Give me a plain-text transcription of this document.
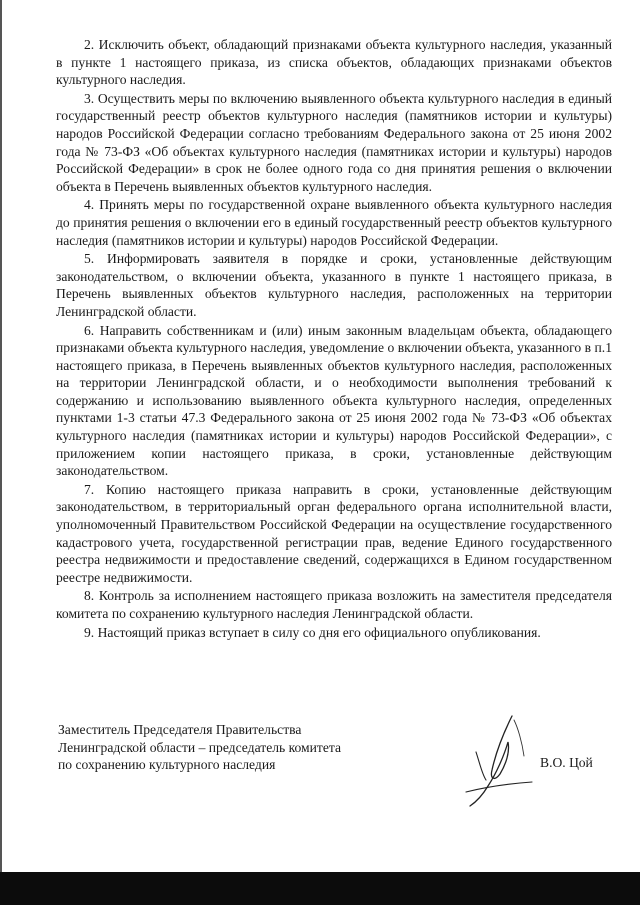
2. Исключить объект, обладающий признаками объекта культурного наследия, указанный в пункте 1 настоящего приказа, из списка объектов, обладающих признаками объектов культурного наследия.

3. Осуществить меры по включению выявленного объекта культурного наследия в единый государственный реестр объектов культурного наследия (памятников истории и культуры) народов Российской Федерации согласно требованиям Федерального закона от 25 июня 2002 года № 73-ФЗ «Об объектах культурного наследия (памятниках истории и культуры) народов Российской Федерации» в срок не более одного года со дня принятия решения о включении объекта в Перечень выявленных объектов культурного наследия.

4. Принять меры по государственной охране выявленного объекта культурного наследия до принятия решения о включении его в единый государственный реестр объектов культурного наследия (памятников истории и культуры) народов Российской Федерации.

5. Информировать заявителя в порядке и сроки, установленные действующим законодательством, о включении объекта, указанного в пункте 1 настоящего приказа, в Перечень выявленных объектов культурного наследия, расположенных на территории Ленинградской области.

6. Направить собственникам и (или) иным законным владельцам объекта, обладающего признаками объекта культурного наследия, уведомление о включении объекта, указанного в п.1 настоящего приказа, в Перечень выявленных объектов культурного наследия, расположенных на территории Ленинградской области, и о необходимости выполнения требований к содержанию и использованию выявленного объекта культурного наследия, определенных пунктами 1-3 статьи 47.3 Федерального закона от 25 июня 2002 года № 73-ФЗ «Об объектах культурного наследия (памятниках истории и культуры) народов Российской Федерации», с приложением копии настоящего приказа, в сроки, установленные действующим законодательством.

7. Копию настоящего приказа направить в сроки, установленные действующим законодательством, в территориальный орган федерального органа исполнительной власти, уполномоченный Правительством Российской Федерации на осуществление государственного кадастрового учета, государственной регистрации прав, ведение Единого государственного реестра недвижимости и предоставление сведений, содержащихся в Едином государственном реестре недвижимости.

8. Контроль за исполнением настоящего приказа возложить на заместителя председателя комитета по сохранению культурного наследия Ленинградской области.

9. Настоящий приказ вступает в силу со дня его официального опубликования.

Заместитель Председателя Правительства
Ленинградской области – председатель комитета
по сохранению культурного наследия	В.О. Цой
